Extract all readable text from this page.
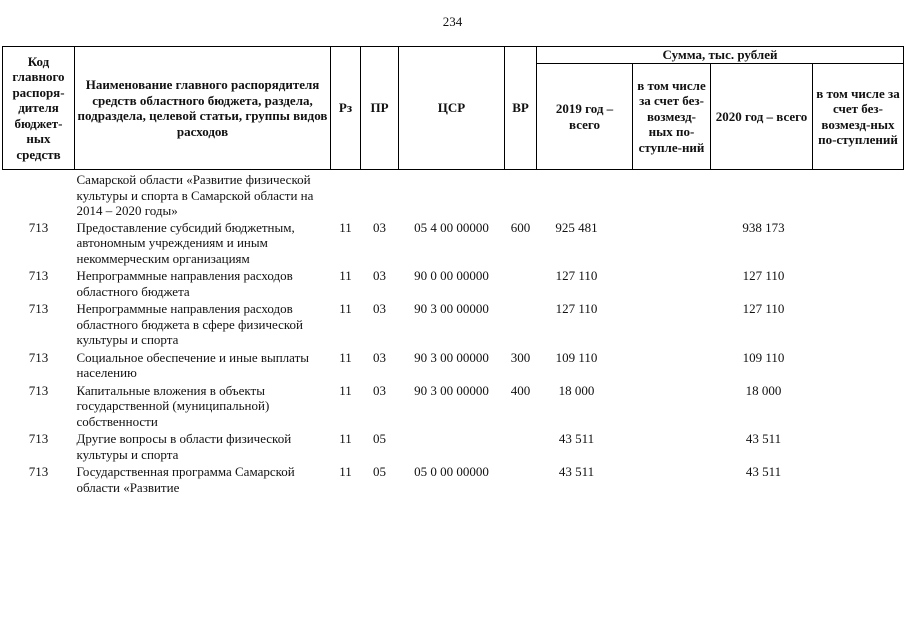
234
Код главного распоря-дителя бюджет-ных средств	Наименование главного распорядителя средств областного бюджета, раздела, подраздела, целевой статьи, группы видов расходов	Рз	ПР	ЦСР	ВР	Сумма, тыс. рублей			
						2019 год – всего	в том числе за счет без-возмезд-ных по-ступле-ний	2020 год – всего	в том числе за счет без-возмезд-ных по-ступлений
	Самарской области «Развитие физической культуры и спорта в Самарской области на 2014 – 2020 годы»								
713	Предоставление субсидий бюджетным, автономным учреждениям и иным некоммерческим организациям	11	03	05 4 00 00000	600	925 481		938 173	
713	Непрограммные направления расходов областного бюджета	11	03	90 0 00 00000		127 110		127 110	
713	Непрограммные направления расходов областного бюджета в сфере физической культуры и спорта	11	03	90 3 00 00000		127 110		127 110	
713	Социальное обеспечение и иные выплаты населению	11	03	90 3 00 00000	300	109 110		109 110	
713	Капитальные вложения в объекты государственной (муниципальной) собственности	11	03	90 3 00 00000	400	18 000		18 000	
713	Другие вопросы в области физической культуры и спорта	11	05			43 511		43 511	
713	Государственная программа Самарской области «Развитие	11	05	05 0 00 00000		43 511		43 511	
